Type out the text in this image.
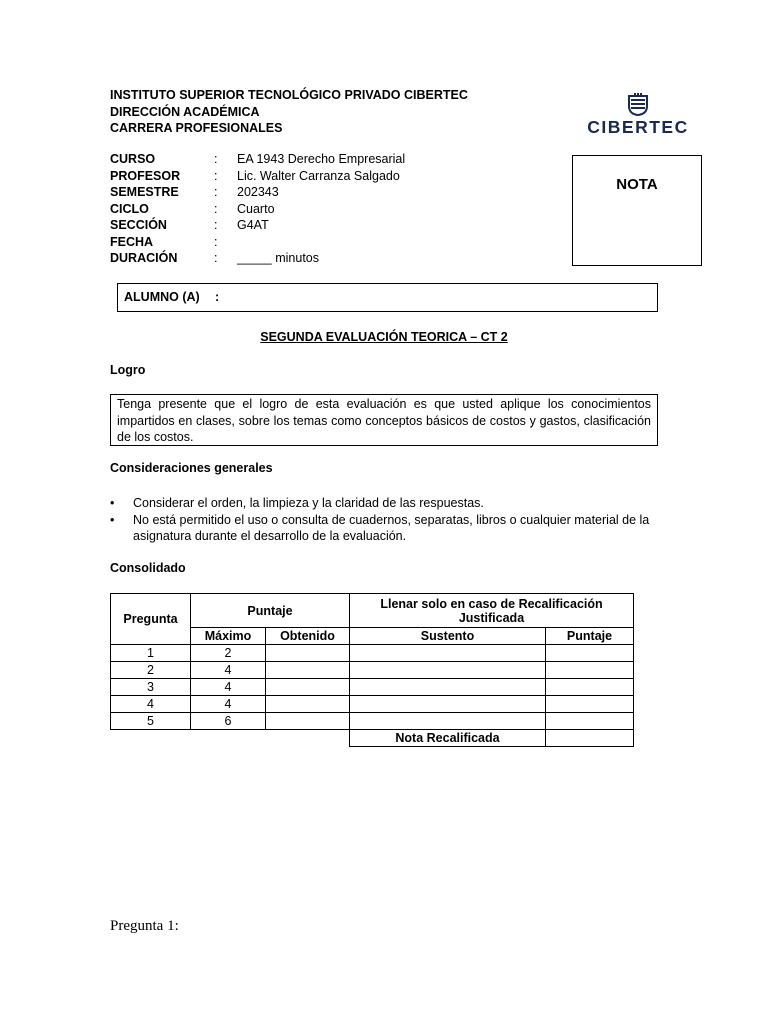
INSTITUTO SUPERIOR TECNOLÓGICO PRIVADO CIBERTEC
DIRECCIÓN ACADÉMICA
CARRERA PROFESIONALES	CIBERTEC
CURSO	:	EA 1943 Derecho Empresarial
PROFESOR	:	Lic. Walter Carranza Salgado
SEMESTRE	:	202343
CICLO	:	Cuarto
SECCIÓN	:	G4AT
FECHA	:
DURACIÓN	:	_____ minutos
NOTA
ALUMNO (A) :
SEGUNDA EVALUACIÓN TEORICA – CT 2
Logro
Tenga presente que el logro de esta evaluación es que usted aplique los conocimientos impartidos en clases, sobre los temas como conceptos básicos de costos y gastos, clasificación de los costos.
Consideraciones generales
•	Considerar el orden, la limpieza y la claridad de las respuestas.
•	No está permitido el uso o consulta de cuadernos, separatas, libros o cualquier material de la asignatura durante el desarrollo de la evaluación.
Consolidado
Pregunta	Puntaje		Llenar solo en caso de Recalificación Justificada	
	Máximo	Obtenido	Sustento	Puntaje
1	2			
2	4			
3	4			
4	4			
5	6			
			Nota Recalificada	
Pregunta 1:
